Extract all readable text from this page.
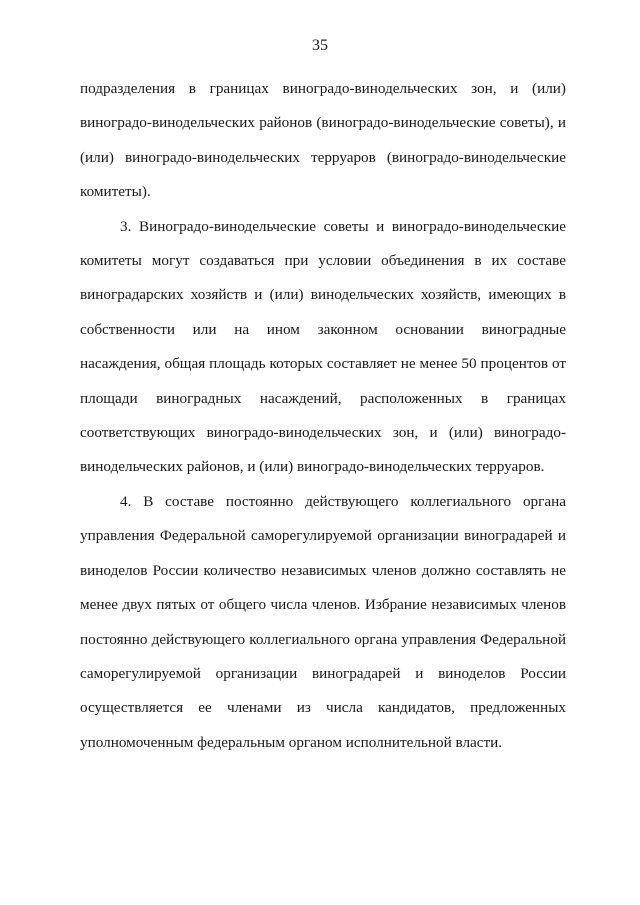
35

подразделения в границах виноградо-винодельческих зон, и (или) виноградо-винодельческих районов (виноградо-винодельческие советы), и (или) виноградо-винодельческих терруаров (виноградо-винодельческие комитеты).

3. Виноградо-винодельческие советы и виноградо-винодельческие комитеты могут создаваться при условии объединения в их составе виноградарских хозяйств и (или) винодельческих хозяйств, имеющих в собственности или на ином законном основании виноградные насаждения, общая площадь которых составляет не менее 50 процентов от площади виноградных насаждений, расположенных в границах соответствующих виноградо-винодельческих зон, и (или) виноградо-винодельческих районов, и (или) виноградо-винодельческих терруаров.

4. В составе постоянно действующего коллегиального органа управления Федеральной саморегулируемой организации виноградарей и виноделов России количество независимых членов должно составлять не менее двух пятых от общего числа членов. Избрание независимых членов постоянно действующего коллегиального органа управления Федеральной саморегулируемой организации виноградарей и виноделов России осуществляется ее членами из числа кандидатов, предложенных уполномоченным федеральным органом исполнительной власти.
